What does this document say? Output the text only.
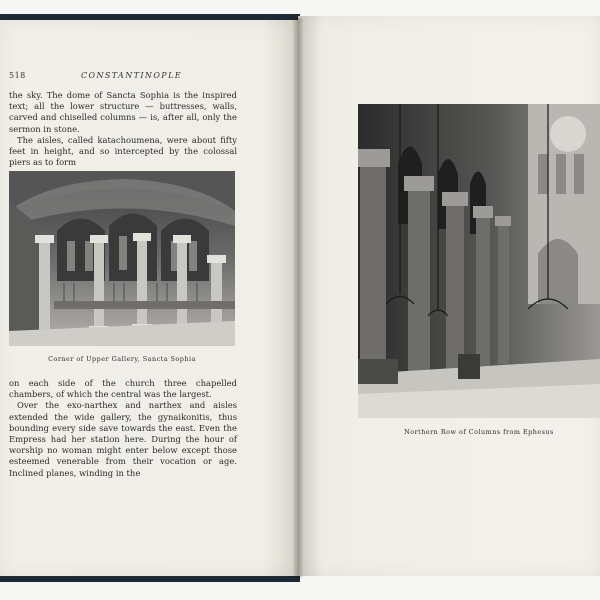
518	CONSTANTINOPLE

the sky. The dome of Sancta Sophia is the inspired text; all the lower structure — buttresses, walls, carved and chiselled columns — is, after all, only the sermon in stone.

The aisles, called katachoumena, were about fifty feet in height, and so intercepted by the colossal piers as to form

Corner of Upper Gallery, Sancta Sophia

on each side of the church three chapelled chambers, of which the central was the largest.

Over the exo-narthex and narthex and aisles extended the wide gallery, the gynaikonitis, thus bounding every side save towards the east. Even the Empress had her station here. During the hour of worship no woman might enter below except those esteemed venerable from their vocation or age. Inclined planes, winding in the

Northern Row of Columns from Ephesus
